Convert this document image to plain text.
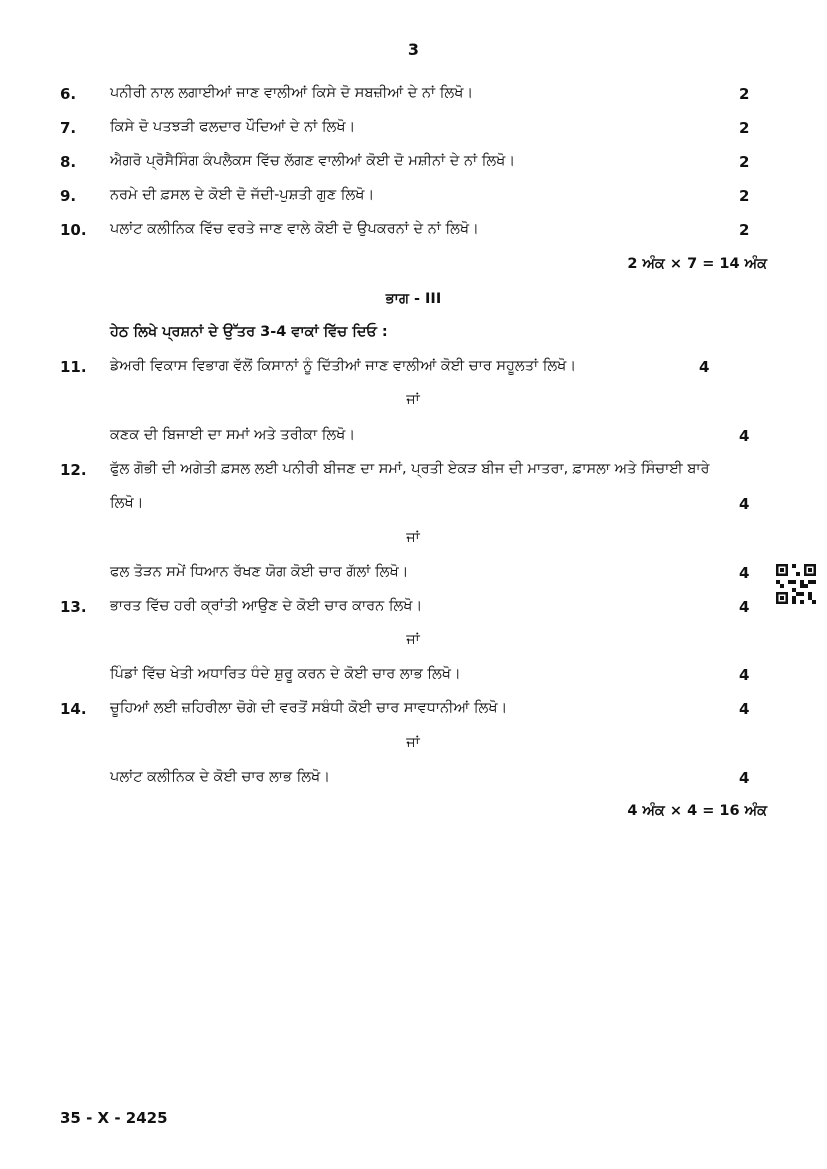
3
6.	ਪਨੀਰੀ ਨਾਲ ਲਗਾਈਆਂ ਜਾਣ ਵਾਲੀਆਂ ਕਿਸੇ ਦੋ ਸਬਜ਼ੀਆਂ ਦੇ ਨਾਂ ਲਿਖੋ।	2
7.	ਕਿਸੇ ਦੋ ਪਤਝੜੀ ਫਲਦਾਰ ਪੌਦਿਆਂ ਦੇ ਨਾਂ ਲਿਖੋ।	2
8.	ਐਗਰੋ ਪ੍ਰੋਸੈਸਿੰਗ ਕੰਪਲੈਕਸ ਵਿੱਚ ਲੱਗਣ ਵਾਲੀਆਂ ਕੋਈ ਦੋ ਮਸ਼ੀਨਾਂ ਦੇ ਨਾਂ ਲਿਖੋ।	2
9.	ਨਰਮੇ ਦੀ ਫ਼ਸਲ ਦੇ ਕੋਈ ਦੋ ਜੱਦੀ-ਪੁਸ਼ਤੀ ਗੁਣ ਲਿਖੋ।	2
10.	ਪਲਾਂਟ ਕਲੀਨਿਕ ਵਿੱਚ ਵਰਤੇ ਜਾਣ ਵਾਲੇ ਕੋਈ ਦੋ ਉਪਕਰਨਾਂ ਦੇ ਨਾਂ ਲਿਖੋ।	2
2 ਅੰਕ × 7 = 14 ਅੰਕ
ਭਾਗ - III
ਹੇਠ ਲਿਖੇ ਪ੍ਰਸ਼ਨਾਂ ਦੇ ਉੱਤਰ 3-4 ਵਾਕਾਂ ਵਿੱਚ ਦਿਓ :
11.	ਡੇਅਰੀ ਵਿਕਾਸ ਵਿਭਾਗ ਵੱਲੋਂ ਕਿਸਾਨਾਂ ਨੂੰ ਦਿੱਤੀਆਂ ਜਾਣ ਵਾਲੀਆਂ ਕੋਈ ਚਾਰ ਸਹੂਲਤਾਂ ਲਿਖੋ।	4
ਜਾਂ
ਕਣਕ ਦੀ ਬਿਜਾਈ ਦਾ ਸਮਾਂ ਅਤੇ ਤਰੀਕਾ ਲਿਖੋ।	4
12.	ਫੁੱਲ ਗੋਭੀ ਦੀ ਅਗੇਤੀ ਫ਼ਸਲ ਲਈ ਪਨੀਰੀ ਬੀਜਣ ਦਾ ਸਮਾਂ, ਪ੍ਰਤੀ ਏਕੜ ਬੀਜ ਦੀ ਮਾਤਰਾ, ਫ਼ਾਸਲਾ ਅਤੇ ਸਿੰਚਾਈ ਬਾਰੇ
ਲਿਖੋ।	4
ਜਾਂ
ਫਲ ਤੋੜਨ ਸਮੇਂ ਧਿਆਨ ਰੱਖਣ ਯੋਗ ਕੋਈ ਚਾਰ ਗੱਲਾਂ ਲਿਖੋ।	4
13.	ਭਾਰਤ ਵਿੱਚ ਹਰੀ ਕ੍ਰਾਂਤੀ ਆਉਣ ਦੇ ਕੋਈ ਚਾਰ ਕਾਰਨ ਲਿਖੋ।	4
ਜਾਂ
ਪਿੰਡਾਂ ਵਿੱਚ ਖੇਤੀ ਅਧਾਰਿਤ ਧੰਦੇ ਸ਼ੁਰੂ ਕਰਨ ਦੇ ਕੋਈ ਚਾਰ ਲਾਭ ਲਿਖੋ।	4
14.	ਚੂਹਿਆਂ ਲਈ ਜ਼ਹਿਰੀਲਾ ਚੋਗੇ ਦੀ ਵਰਤੋਂ ਸਬੰਧੀ ਕੋਈ ਚਾਰ ਸਾਵਧਾਨੀਆਂ ਲਿਖੋ।	4
ਜਾਂ
ਪਲਾਂਟ ਕਲੀਨਿਕ ਦੇ ਕੋਈ ਚਾਰ ਲਾਭ ਲਿਖੋ।	4
4 ਅੰਕ × 4 = 16 ਅੰਕ
35 - X - 2425
